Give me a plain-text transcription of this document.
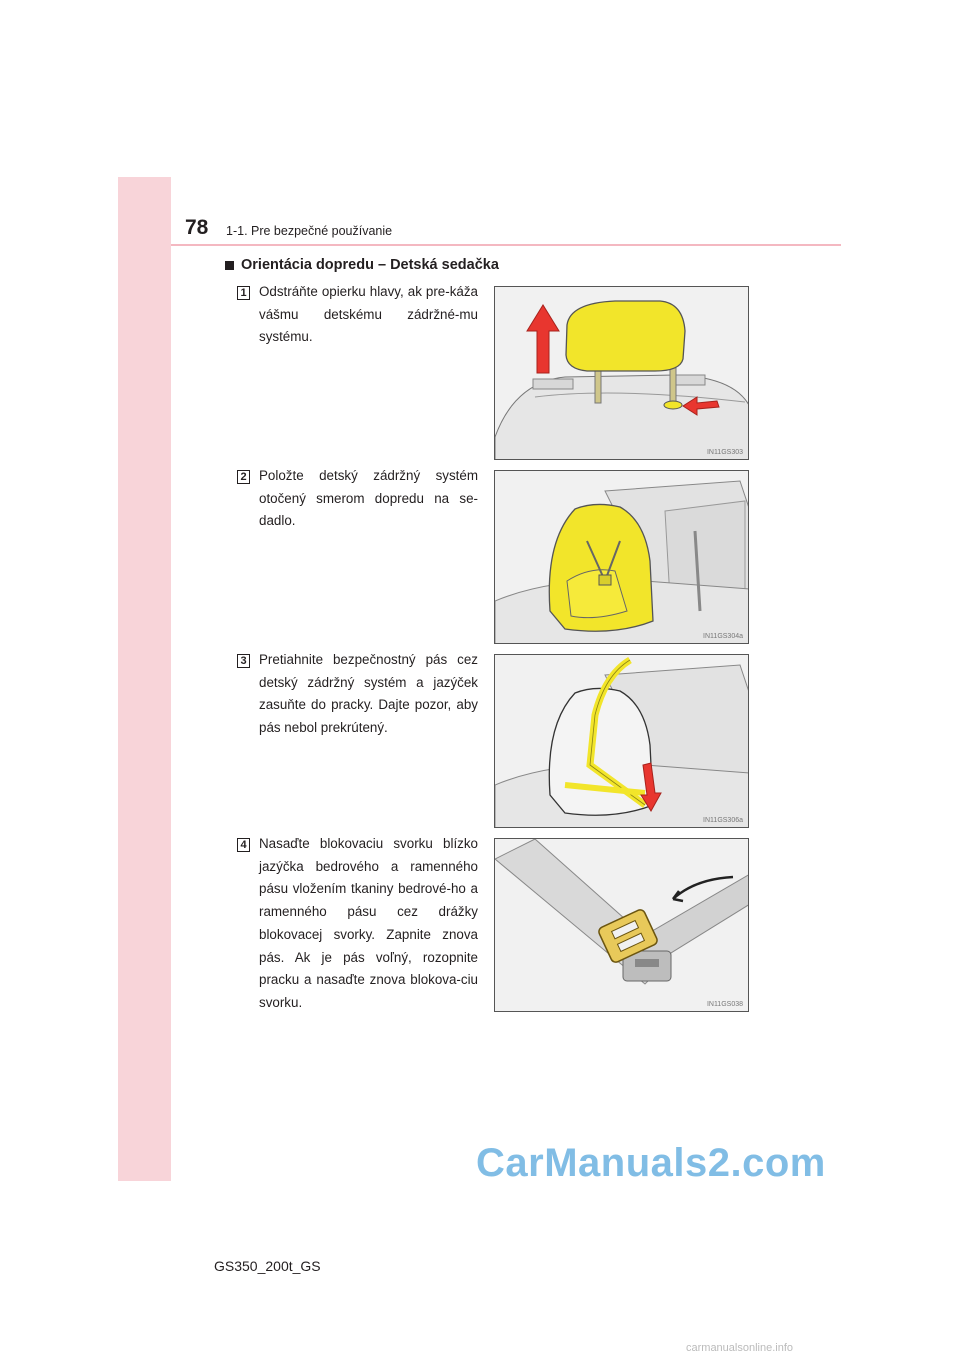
78 1-1. Pre bezpečné používanie
Orientácia dopredu – Detská sedačka
1 Odstráňte opierku hlavy, ak pre-káža vášmu detskému zádržné-mu systému.
IN11GS303
2 Položte detský zádržný systém otočený smerom dopredu na se-dadlo.
IN11GS304a
3 Pretiahnite bezpečnostný pás cez detský zádržný systém a jazýček zasuňte do pracky. Dajte pozor, aby pás nebol prekrútený.
IN11GS306a
4 Nasaďte blokovaciu svorku blízko jazýčka bedrového a ramenného pásu vložením tkaniny bedrové-ho a ramenného pásu cez drážky blokovacej svorky. Zapnite znova pás. Ak je pás voľný, rozopnite pracku a nasaďte znova blokova-ciu svorku.	IN11GS038
CarManuals2.com
GS350_200t_GS
carmanualsonline.info
